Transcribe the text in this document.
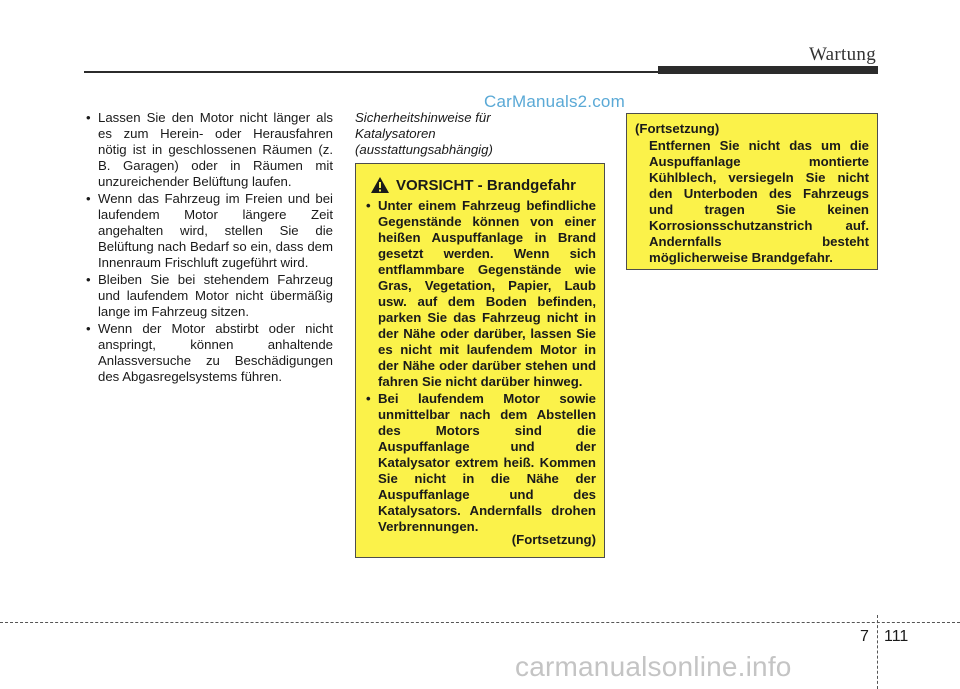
Wartung
CarManuals2.com
• Lassen Sie den Motor nicht länger als es zum Herein- oder Herausfahren nötig ist in geschlossenen Räumen (z. B. Garagen) oder in Räumen mit unzureichender Belüftung laufen.
• Wenn das Fahrzeug im Freien und bei laufendem Motor längere Zeit angehalten wird, stellen Sie die Belüftung nach Bedarf so ein, dass dem Innenraum Frischluft zugeführt wird.
• Bleiben Sie bei stehendem Fahrzeug und laufendem Motor nicht übermäßig lange im Fahrzeug sitzen.
• Wenn der Motor abstirbt oder nicht anspringt, können anhaltende Anlassversuche zu Beschädigungen des Abgasregelsystems führen.
Sicherheitshinweise für
Katalysatoren
(ausstattungsabhängig)
VORSICHT - Brandgefahr
• Unter einem Fahrzeug befindliche Gegenstände können von einer heißen Auspuffanlage in Brand gesetzt werden. Wenn sich entflammbare Gegenstände wie Gras, Vegetation, Papier, Laub usw. auf dem Boden befinden, parken Sie das Fahrzeug nicht in der Nähe oder darüber, lassen Sie es nicht mit laufendem Motor in der Nähe oder darüber stehen und fahren Sie nicht darüber hinweg.
• Bei laufendem Motor sowie unmittelbar nach dem Abstellen des Motors sind die Auspuffanlage und der Katalysator extrem heiß. Kommen Sie nicht in die Nähe der Auspuffanlage und des Katalysators. Andernfalls drohen Verbrennungen.
(Fortsetzung)
(Fortsetzung)
Entfernen Sie nicht das um die Auspuffanlage montierte Kühlblech, versiegeln Sie nicht den Unterboden des Fahrzeugs und tragen Sie keinen Korrosionsschutzanstrich auf. Andernfalls besteht möglicherweise Brandgefahr.
7 111
carmanualsonline.info
